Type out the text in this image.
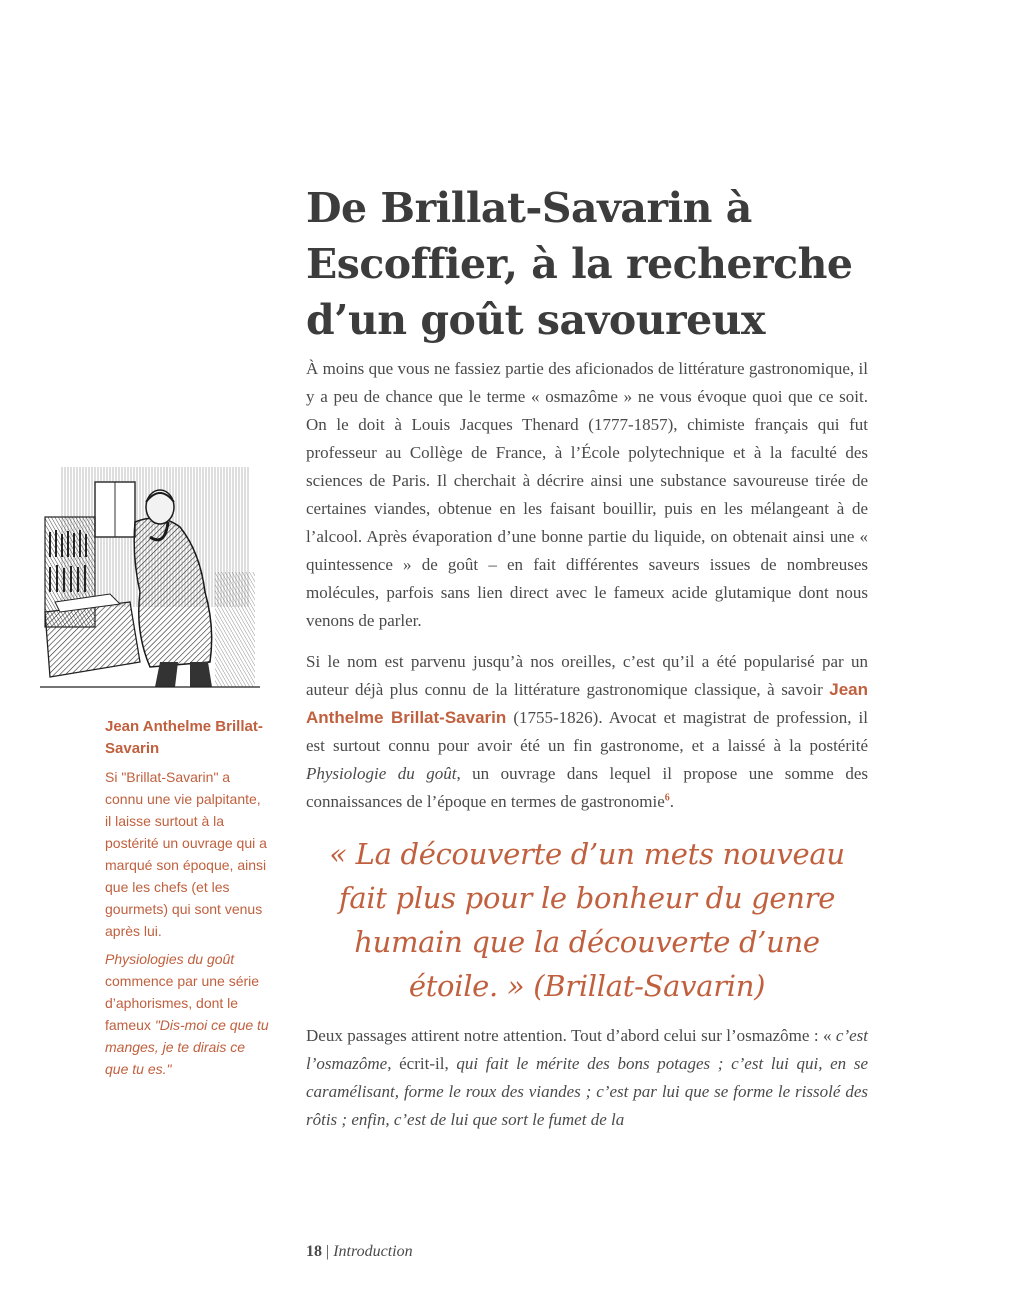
De Brillat-Savarin à
Escoffier, à la recherche
d’un goût savoureux

À moins que vous ne fassiez partie des aficionados de littérature gastronomique, il y a peu de chance que le terme « osmazôme » ne vous évoque quoi que ce soit. On le doit à Louis Jacques Thenard (1777-1857), chimiste français qui fut professeur au Collège de France, à l’École polytechnique et à la faculté des sciences de Paris. Il cherchait à décrire ainsi une substance savoureuse tirée de certaines viandes, obtenue en les faisant bouillir, puis en les mélangeant à de l’alcool. Après évaporation d’une bonne partie du liquide, on obtenait ainsi une « quintessence » de goût – en fait différentes saveurs issues de nombreuses molécules, parfois sans lien direct avec le fameux acide glutamique dont nous venons de parler.

Si le nom est parvenu jusqu’à nos oreilles, c’est qu’il a été popularisé par un auteur déjà plus connu de la littérature gastronomique classique, à savoir Jean Anthelme Brillat-Savarin (1755-1826). Avocat et magistrat de profession, il est surtout connu pour avoir été un fin gastronome, et a laissé à la postérité Physiologie du goût, un ouvrage dans lequel il propose une somme des connaissances de l’époque en termes de gastronomie$^6$.

« La découverte d’un mets nouveau
fait plus pour le bonheur du genre
humain que la découverte d’une
étoile. » (Brillat-Savarin)

Deux passages attirent notre attention. Tout d’abord celui sur l’osmazôme : « c’est l’osmazôme, écrit-il, qui fait le mérite des bons potages ; c’est lui qui, en se caramélisant, forme le roux des viandes ; c’est par lui que se forme le rissolé des rôtis ; enfin, c’est de lui que sort le fumet de la

Jean Anthelme Brillat-Savarin

Si "Brillat-Savarin" a connu une vie palpitante, il laisse surtout à la postérité un ouvrage qui a marqué son époque, ainsi que les chefs (et les gourmets) qui sont venus après lui.

Physiologies du goût commence par une série d’aphorismes, dont le fameux "Dis-moi ce que tu manges, je te dirais ce que tu es."

18 | Introduction
